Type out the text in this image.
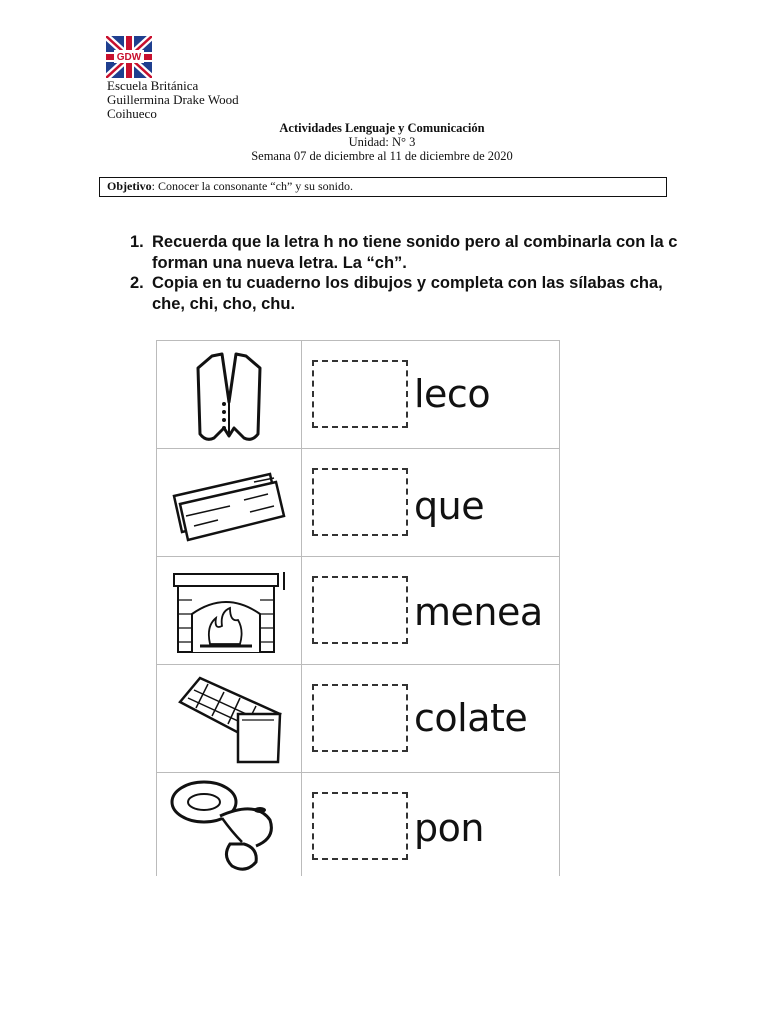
GDW
Escuela Británica
Guillermina Drake Wood
Coihueco
Actividades Lenguaje y Comunicación
Unidad: N° 3
Semana 07 de diciembre al 11 de diciembre de 2020
Objetivo: Conocer la consonante “ch” y su sonido.
1. Recuerda que la letra h no tiene sonido pero al combinarla con la c forman una nueva letra. La “ch”.
2. Copia en tu cuaderno los dibujos y completa con las sílabas cha, che, chi, cho, chu.
leco
que
menea
colate
pon
